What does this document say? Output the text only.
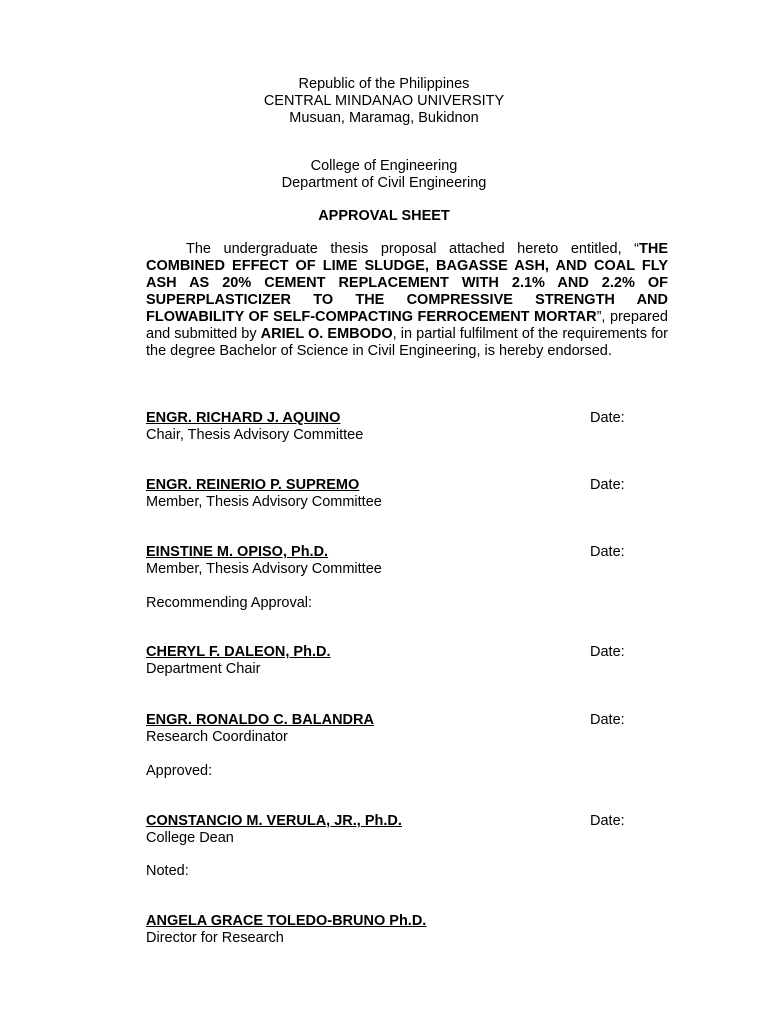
Republic of the Philippines
CENTRAL MINDANAO UNIVERSITY
Musuan, Maramag, Bukidnon
College of Engineering
Department of Civil Engineering
APPROVAL SHEET

The undergraduate thesis proposal attached hereto entitled, “THE COMBINED EFFECT OF LIME SLUDGE, BAGASSE ASH, AND COAL FLY ASH AS 20% CEMENT REPLACEMENT WITH 2.1% AND 2.2% OF SUPERPLASTICIZER TO THE COMPRESSIVE STRENGTH AND FLOWABILITY OF SELF-COMPACTING FERROCEMENT MORTAR”, prepared and submitted by ARIEL O. EMBODO, in partial fulfilment of the requirements for the degree Bachelor of Science in Civil Engineering, is hereby endorsed.

ENGR. RICHARD J. AQUINO	Date:
Chair, Thesis Advisory Committee
ENGR. REINERIO P. SUPREMO	Date:
Member, Thesis Advisory Committee
EINSTINE M. OPISO, Ph.D.	Date:
Member, Thesis Advisory Committee
Recommending Approval:
CHERYL F. DALEON, Ph.D.	Date:
Department Chair
ENGR. RONALDO C. BALANDRA	Date:
Research Coordinator
Approved:
CONSTANCIO M. VERULA, JR., Ph.D.	Date:
College Dean
Noted:
ANGELA GRACE TOLEDO-BRUNO Ph.D.
Director for Research
